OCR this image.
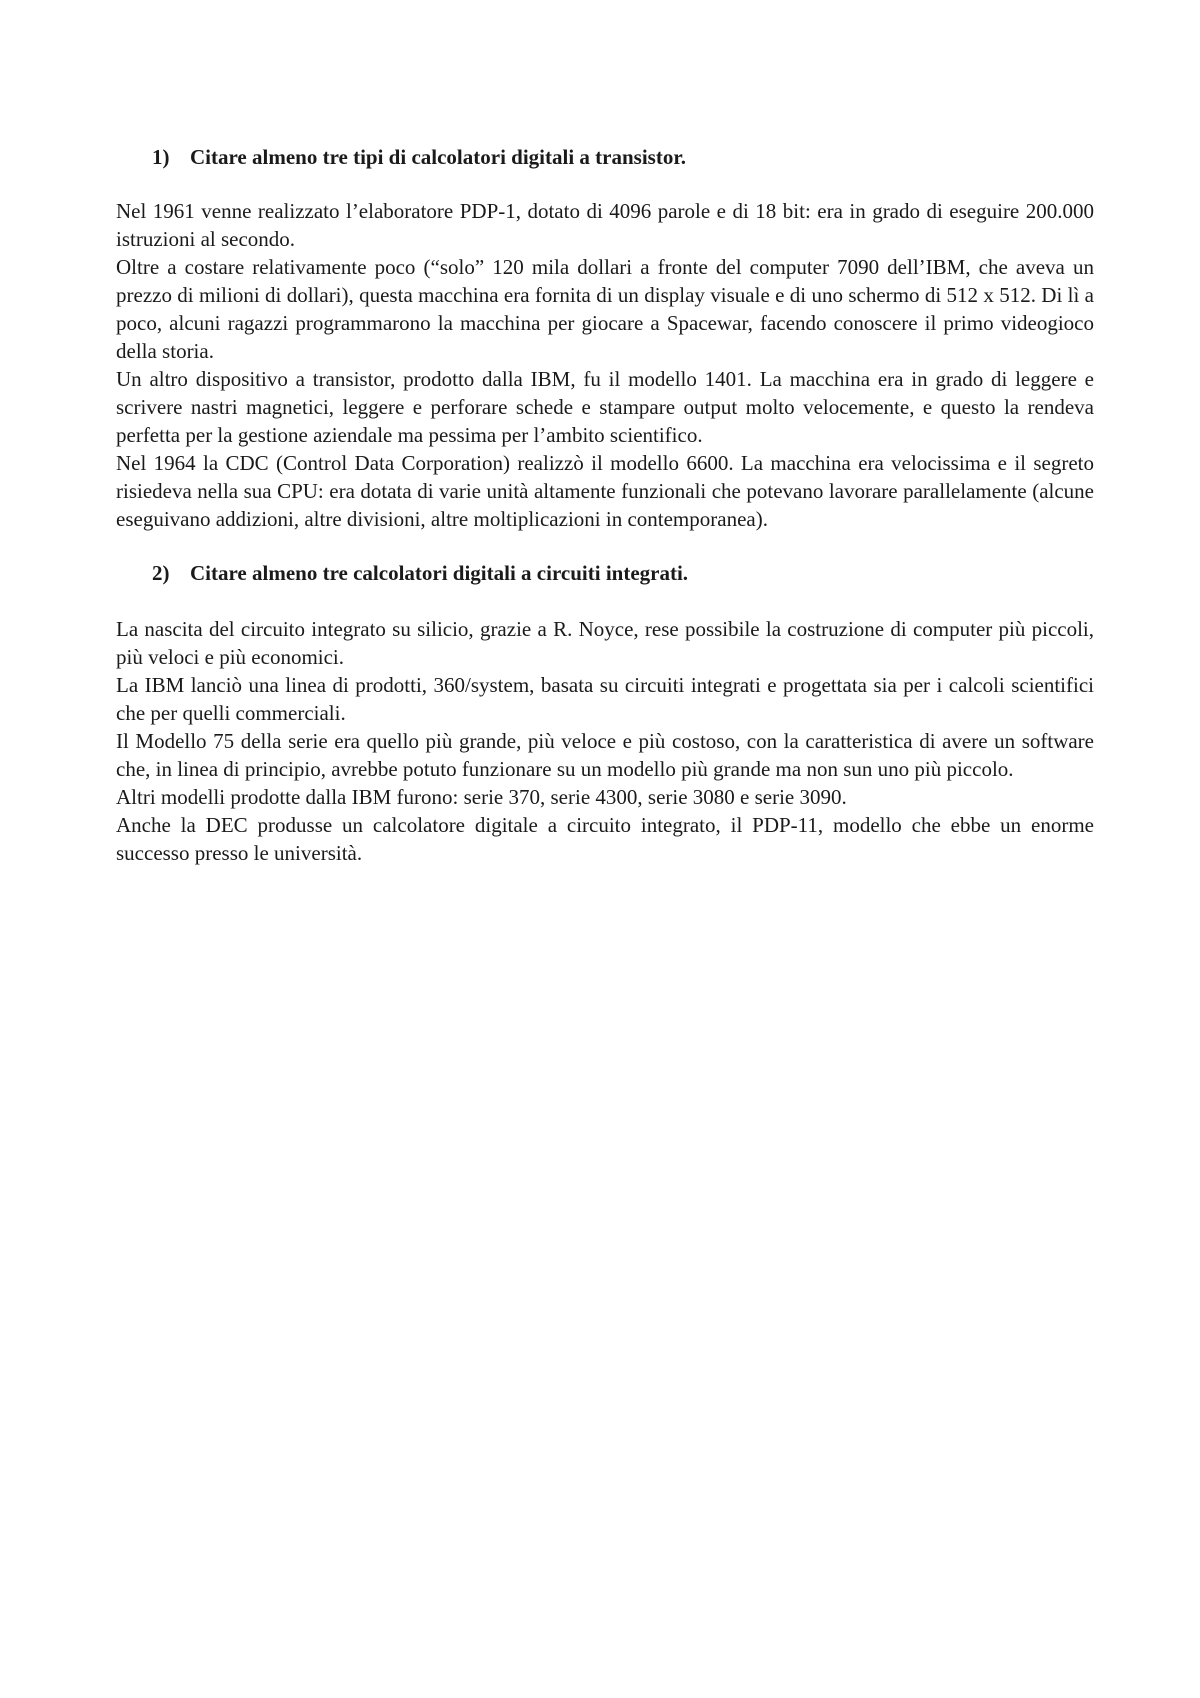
1) Citare almeno tre tipi di calcolatori digitali a transistor.

Nel 1961 venne realizzato l’elaboratore PDP-1, dotato di 4096 parole e di 18 bit: era in grado di eseguire 200.000 istruzioni al secondo.

Oltre a costare relativamente poco (“solo” 120 mila dollari a fronte del computer 7090 dell’IBM, che aveva un prezzo di milioni di dollari), questa macchina era fornita di un display visuale e di uno schermo di 512 x 512. Di lì a poco, alcuni ragazzi programmarono la macchina per giocare a Spacewar, facendo conoscere il primo videogioco della storia.

Un altro dispositivo a transistor, prodotto dalla IBM, fu il modello 1401. La macchina era in grado di leggere e scrivere nastri magnetici, leggere e perforare schede e stampare output molto velocemente, e questo la rendeva perfetta per la gestione aziendale ma pessima per l’ambito scientifico.

Nel 1964 la CDC (Control Data Corporation) realizzò il modello 6600. La macchina era velocissima e il segreto risiedeva nella sua CPU: era dotata di varie unità altamente funzionali che potevano lavorare parallelamente (alcune eseguivano addizioni, altre divisioni, altre moltiplicazioni in contemporanea).

2) Citare almeno tre calcolatori digitali a circuiti integrati.

La nascita del circuito integrato su silicio, grazie a R. Noyce, rese possibile la costruzione di computer più piccoli, più veloci e più economici.

La IBM lanciò una linea di prodotti, 360/system, basata su circuiti integrati e progettata sia per i calcoli scientifici che per quelli commerciali.

Il Modello 75 della serie era quello più grande, più veloce e più costoso, con la caratteristica di avere un software che, in linea di principio, avrebbe potuto funzionare su un modello più grande ma non sun uno più piccolo.

Altri modelli prodotte dalla IBM furono: serie 370, serie 4300, serie 3080 e serie 3090.

Anche la DEC produsse un calcolatore digitale a circuito integrato, il PDP-11, modello che ebbe un enorme successo presso le università.
